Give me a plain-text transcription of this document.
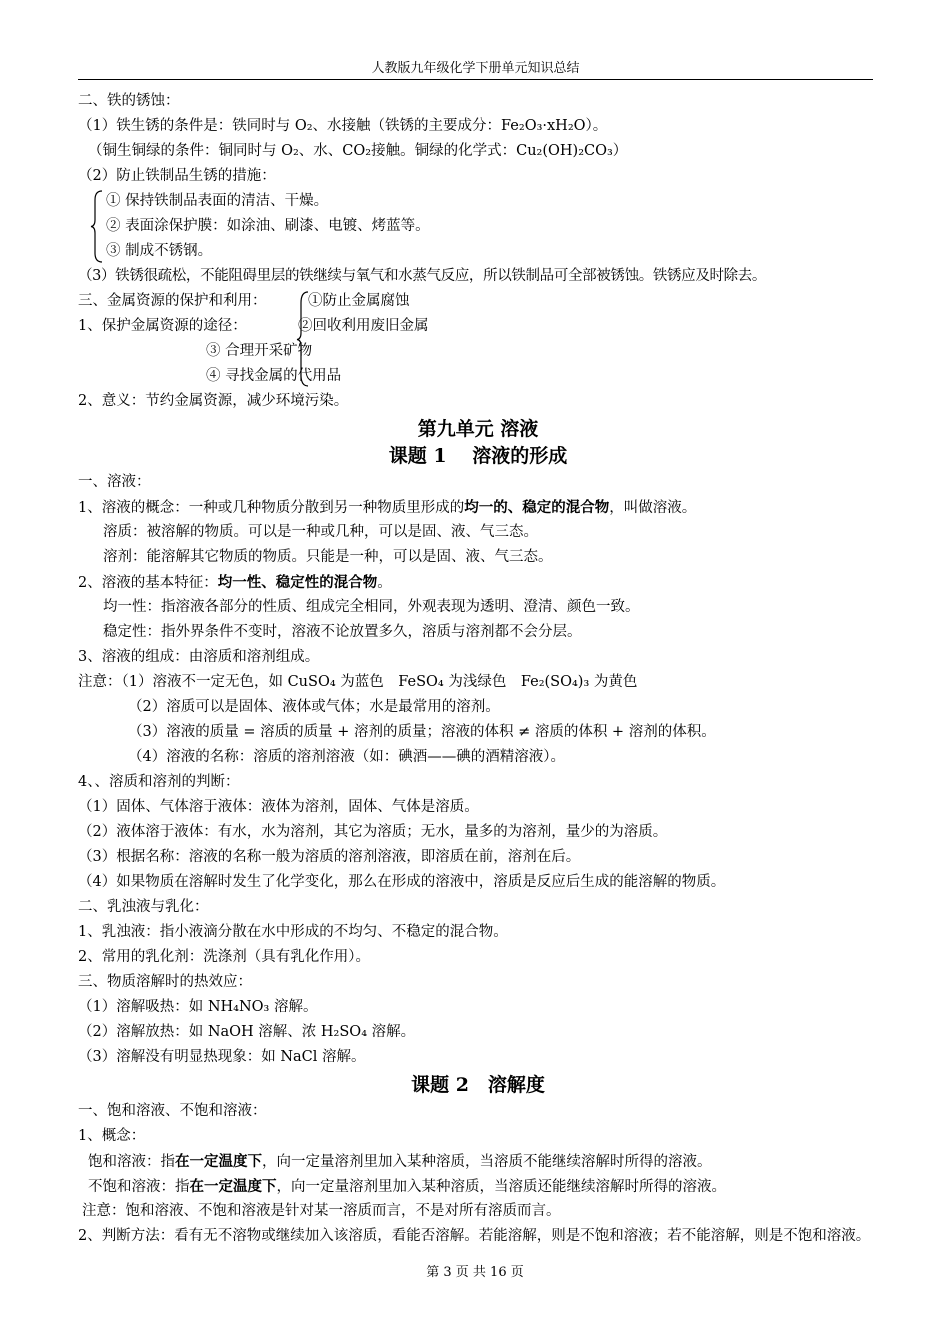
人教版九年级化学下册单元知识总结
二、铁的锈蚀：
（1）铁生锈的条件是：铁同时与 O₂、水接触（铁锈的主要成分：Fe₂O₃·xH₂O）。
（铜生铜绿的条件：铜同时与 O₂、水、CO₂接触。铜绿的化学式：Cu₂(OH)₂CO₃）
（2）防止铁制品生锈的措施：
① 保持铁制品表面的清洁、干燥。
② 表面涂保护膜：如涂油、刷漆、电镀、烤蓝等。
③ 制成不锈钢。
（3）铁锈很疏松，不能阻碍里层的铁继续与氧气和水蒸气反应，所以铁制品可全部被锈蚀。铁锈应及时除去。
三、金属资源的保护和利用：	①防止金属腐蚀
1、保护金属资源的途径：	②回收利用废旧金属
③ 合理开采矿物
④ 寻找金属的代用品
2、意义：节约金属资源，减少环境污染。
第九单元 溶液
课题 1　 溶液的形成
一、溶液：
1、溶液的概念：一种或几种物质分散到另一种物质里形成的均一的、稳定的混合物，叫做溶液。
溶质：被溶解的物质。可以是一种或几种，可以是固、液、气三态。
溶剂：能溶解其它物质的物质。只能是一种，可以是固、液、气三态。
2、溶液的基本特征：均一性、稳定性的混合物。
均一性：指溶液各部分的性质、组成完全相同，外观表现为透明、澄清、颜色一致。
稳定性：指外界条件不变时，溶液不论放置多久，溶质与溶剂都不会分层。
3、溶液的组成：由溶质和溶剂组成。
注意：（1）溶液不一定无色，如 CuSO₄ 为蓝色　FeSO₄ 为浅绿色　Fe₂(SO₄)₃ 为黄色
（2）溶质可以是固体、液体或气体；水是最常用的溶剂。
（3）溶液的质量 = 溶质的质量 + 溶剂的质量；溶液的体积 ≠ 溶质的体积 + 溶剂的体积。
（4）溶液的名称：溶质的溶剂溶液（如：碘酒——碘的酒精溶液）。
4、、溶质和溶剂的判断：
（1）固体、气体溶于液体：液体为溶剂，固体、气体是溶质。
（2）液体溶于液体：有水，水为溶剂，其它为溶质；无水，量多的为溶剂，量少的为溶质。
（3）根据名称：溶液的名称一般为溶质的溶剂溶液，即溶质在前，溶剂在后。
（4）如果物质在溶解时发生了化学变化，那么在形成的溶液中，溶质是反应后生成的能溶解的物质。
二、乳浊液与乳化：
1、乳浊液：指小液滴分散在水中形成的不均匀、不稳定的混合物。
2、常用的乳化剂：洗涤剂（具有乳化作用）。
三、物质溶解时的热效应：
（1）溶解吸热：如 NH₄NO₃ 溶解。
（2）溶解放热：如 NaOH 溶解、浓 H₂SO₄ 溶解。
（3）溶解没有明显热现象：如 NaCl 溶解。
课题 2　溶解度
一、饱和溶液、不饱和溶液：
1、概念：
饱和溶液：指在一定温度下，向一定量溶剂里加入某种溶质，当溶质不能继续溶解时所得的溶液。
不饱和溶液：指在一定温度下，向一定量溶剂里加入某种溶质，当溶质还能继续溶解时所得的溶液。
注意：饱和溶液、不饱和溶液是针对某一溶质而言，不是对所有溶质而言。
2、判断方法：看有无不溶物或继续加入该溶质，看能否溶解。若能溶解，则是不饱和溶液；若不能溶解，则是不饱和溶液。
第 3 页 共 16 页
